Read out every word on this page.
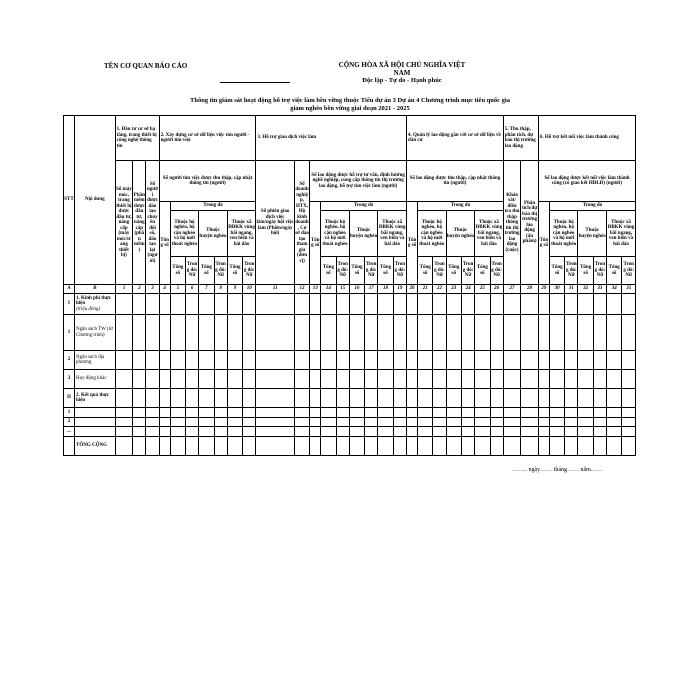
TÊN CƠ QUAN BÁO CÁO	CỘNG HÒA XÃ HỘI CHỦ NGHĨA VIỆT NAM
Độc lập - Tự do - Hạnh phúc
Thông tin giám sát hoạt động hỗ trợ việc làm bền vững thuộc Tiểu dự án 3 Dự án 4 Chương trình mục tiêu quốc gia
giảm nghèo bền vững giai đoạn 2021 - 2025
STT	Nội dung	1. Đầu tư cơ sở hạ tầng, trang thiết bị công nghệ thông tin			2. Xây dựng cơ sở dữ liệu việc tìm người - người tìm việc							3. Hỗ trợ giao dịch việc làm									4. Quản lý lao động gắn với cơ sở dữ liệu về dân cư							5. Thu thập, phân tích, dự báo thị trường lao động		6. Hỗ trợ kết nối việc làm thành công						
		Số máy móc, trang thiết bị được đầu tư, nâng cấp (máy móc/trang thiết bị)	Phần mềm được đầu tư, nâng cấp (phần mềm)	Số người được đào tạo chuyển đổi số, đào tạo lại (người)	Số người tìm việc được thu thập, cập nhật thông tin (người)							Số phiên giao dịch việc làm/ngày hội việc làm (Phiên/ngày hội)	Số doanh nghiệp, HTX, Hộ kinh doanh, Cơ sở đào tạo tham gia (đơn vị)	Số lao động được hỗ trợ tư vấn, định hướng nghề nghiệp, cung cấp thông tin thị trường lao động, hỗ trợ tìm việc làm (người)							Số lao động được thu thập, cập nhật thông tin (người)							Khảo sát/điều tra thu thập thông tin thị trường lao động (cuộc)	Phân tích/dự báo thị trường lao động (ấn phẩm)	Số lao động được kết nối việc làm thành công (có giao kết HĐLĐ) (người)						
					Tổng số	Trong đó								Tổng số	Trong đó						Tổng số	Trong đó								Tổng số	Trong đó					
						Thuộc hộ nghèo, hộ cận nghèo và hộ mới thoát nghèo		Thuộc huyện nghèo		Thuộc xã ĐBKK vùng bãi ngang, ven biển và hải đảo					Thuộc hộ nghèo, hộ cận nghèo và hộ mới thoát nghèo		Thuộc huyện nghèo		Thuộc xã ĐBKK vùng bãi ngang, ven biển và hải đảo			Thuộc hộ nghèo, hộ cận nghèo và hộ mới thoát nghèo		Thuộc huyện nghèo		Thuộc xã ĐBKK vùng bãi ngang, ven biển và hải đảo					Thuộc hộ nghèo, hộ cận nghèo và hộ mới thoát nghèo		Thuộc huyện nghèo		Thuộc xã ĐBKK vùng bãi ngang, ven biển và hải đảo	
						Tổng số	Trong đó: Nữ	Tổng số	Trong đó: Nữ	Tổng số	Trong đó: Nữ				Tổng số	Trong đó: Nữ	Tổng số	Trong đó: Nữ	Tổng số	Trong đó: Nữ		Tổng số	Trong đó: Nữ	Tổng số	Trong đó: Nữ	Tổng số	Trong đó: Nữ				Tổng số	Trong đó: Nữ	Tổng số	Trong đó: Nữ	Tổng số	Trong đó: Nữ
A	B	1	2	3	4	5	6	7	8	9	10	11	12	13	14	15	16	17	18	19	20	21	22	23	24	25	26	27	28	29	30	31	32	33	34	35
I	1. Kinh phí thực hiện
(triệu đồng)																																			

1	Ngân sách TW (từ Chương trình)																																			
2	Ngân sách địa phương																																			
3	Huy động khác																																			
II	2. Kết quả thực hiện																																			
1																																				
2																																				
...																																				
	TỔNG CỘNG																																			
…….. ngày…… tháng…… năm……
